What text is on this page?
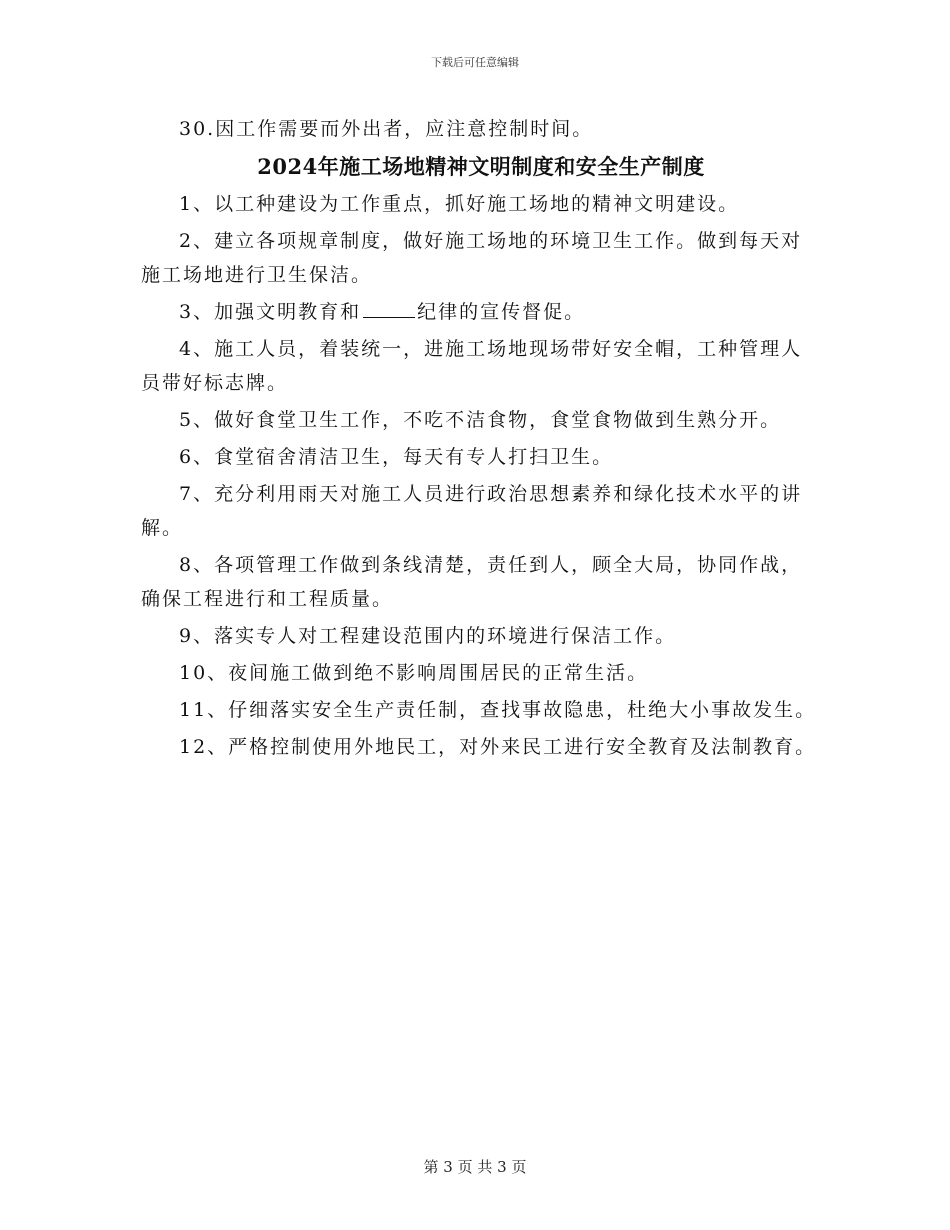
下载后可任意编辑

30.因工作需要而外出者，应注意控制时间。

2024年施工场地精神文明制度和安全生产制度

1、以工种建设为工作重点，抓好施工场地的精神文明建设。

2、建立各项规章制度，做好施工场地的环境卫生工作。做到每天对施工场地进行卫生保洁。

3、加强文明教育和	纪律的宣传督促。

4、施工人员，着装统一，进施工场地现场带好安全帽，工种管理人员带好标志牌。

5、做好食堂卫生工作，不吃不洁食物，食堂食物做到生熟分开。

6、食堂宿舍清洁卫生，每天有专人打扫卫生。

7、充分利用雨天对施工人员进行政治思想素养和绿化技术水平的讲解。

8、各项管理工作做到条线清楚，责任到人，顾全大局，协同作战，确保工程进行和工程质量。

9、落实专人对工程建设范围内的环境进行保洁工作。

10、夜间施工做到绝不影响周围居民的正常生活。

11、仔细落实安全生产责任制，查找事故隐患，杜绝大小事故发生。

12、严格控制使用外地民工，对外来民工进行安全教育及法制教育。

第 3 页 共 3 页
